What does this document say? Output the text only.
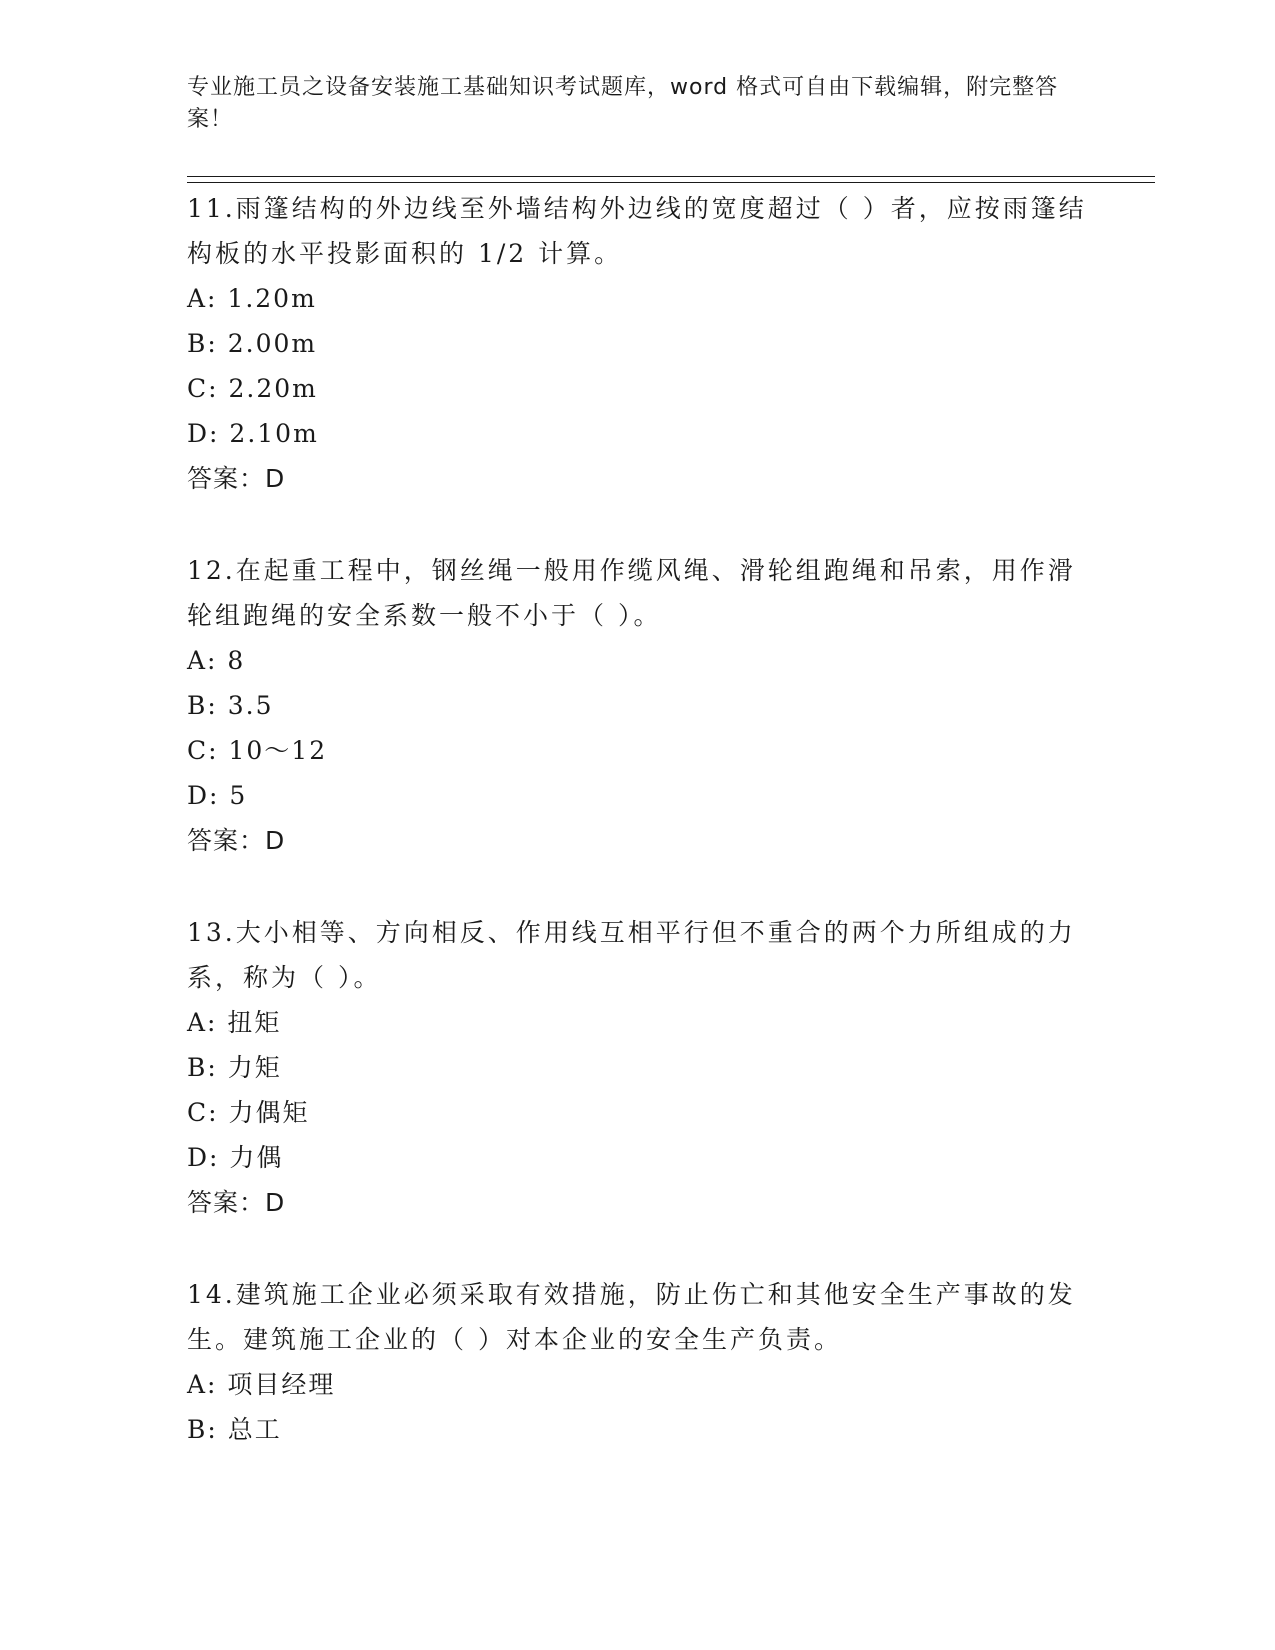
专业施工员之设备安装施工基础知识考试题库，word 格式可自由下载编辑，附完整答案！

11.雨篷结构的外边线至外墙结构外边线的宽度超过（ ）者，应按雨篷结构板的水平投影面积的 1/2 计算。

A: 1.20m

B: 2.00m

C: 2.20m

D: 2.10m

答案：D

12.在起重工程中，钢丝绳一般用作缆风绳、滑轮组跑绳和吊索，用作滑轮组跑绳的安全系数一般不小于（ ）。

A: 8

B: 3.5

C: 10～12

D: 5

答案：D

13.大小相等、方向相反、作用线互相平行但不重合的两个力所组成的力系，称为（ ）。

A: 扭矩

B: 力矩

C: 力偶矩

D: 力偶

答案：D

14.建筑施工企业必须采取有效措施，防止伤亡和其他安全生产事故的发生。建筑施工企业的（ ）对本企业的安全生产负责。

A: 项目经理

B: 总工
